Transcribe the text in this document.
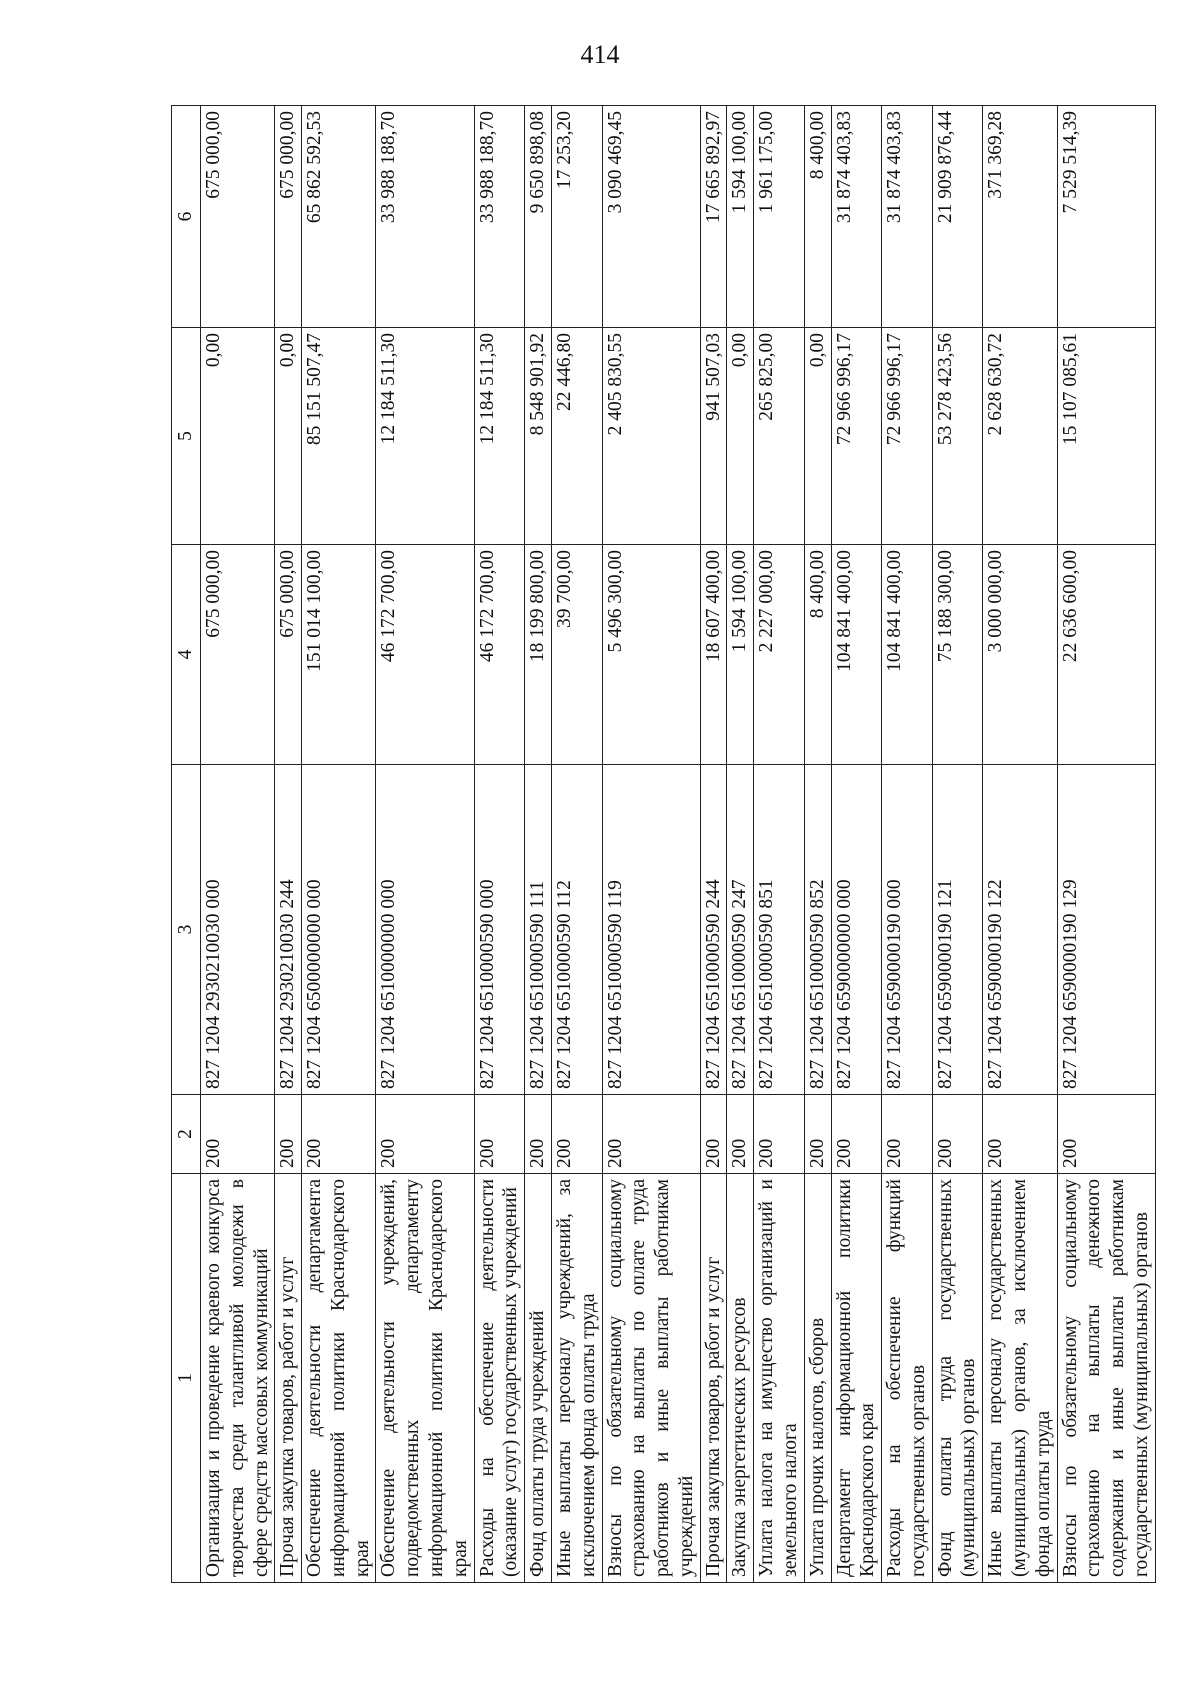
414
1	2	3	4	5	6
Организация и проведение краевого конкурса творчества среди талантливой молодежи в сфере средств массовых коммуникаций	200	827 1204 2930210030 000	675 000,00	0,00	675 000,00
Прочая закупка товаров, работ и услуг	200	827 1204 2930210030 244	675 000,00	0,00	675 000,00
Обеспечение деятельности департамента информационной политики Краснодарского края	200	827 1204 6500000000 000	151 014 100,00	85 151 507,47	65 862 592,53
Обеспечение деятельности учреждений, подведомственных департаменту информационной политики Краснодарского края	200	827 1204 6510000000 000	46 172 700,00	12 184 511,30	33 988 188,70
Расходы на обеспечение деятельности (оказание услуг) государственных учреждений	200	827 1204 6510000590 000	46 172 700,00	12 184 511,30	33 988 188,70
Фонд оплаты труда учреждений	200	827 1204 6510000590 111	18 199 800,00	8 548 901,92	9 650 898,08
Иные выплаты персоналу учреждений, за исключением фонда оплаты труда	200	827 1204 6510000590 112	39 700,00	22 446,80	17 253,20
Взносы по обязательному социальному страхованию на выплаты по оплате труда работников и иные выплаты работникам учреждений	200	827 1204 6510000590 119	5 496 300,00	2 405 830,55	3 090 469,45
Прочая закупка товаров, работ и услуг	200	827 1204 6510000590 244	18 607 400,00	941 507,03	17 665 892,97
Закупка энергетических ресурсов	200	827 1204 6510000590 247	1 594 100,00	0,00	1 594 100,00
Уплата налога на имущество организаций и земельного налога	200	827 1204 6510000590 851	2 227 000,00	265 825,00	1 961 175,00
Уплата прочих налогов, сборов	200	827 1204 6510000590 852	8 400,00	0,00	8 400,00
Департамент информационной политики Краснодарского края	200	827 1204 6590000000 000	104 841 400,00	72 966 996,17	31 874 403,83
Расходы на обеспечение функций государственных органов	200	827 1204 6590000190 000	104 841 400,00	72 966 996,17	31 874 403,83
Фонд оплаты труда государственных (муниципальных) органов	200	827 1204 6590000190 121	75 188 300,00	53 278 423,56	21 909 876,44
Иные выплаты персоналу государственных (муниципальных) органов, за исключением фонда оплаты труда	200	827 1204 6590000190 122	3 000 000,00	2 628 630,72	371 369,28
Взносы по обязательному социальному страхованию на выплаты денежного содержания и иные выплаты работникам государственных (муниципальных) органов	200	827 1204 6590000190 129	22 636 600,00	15 107 085,61	7 529 514,39
